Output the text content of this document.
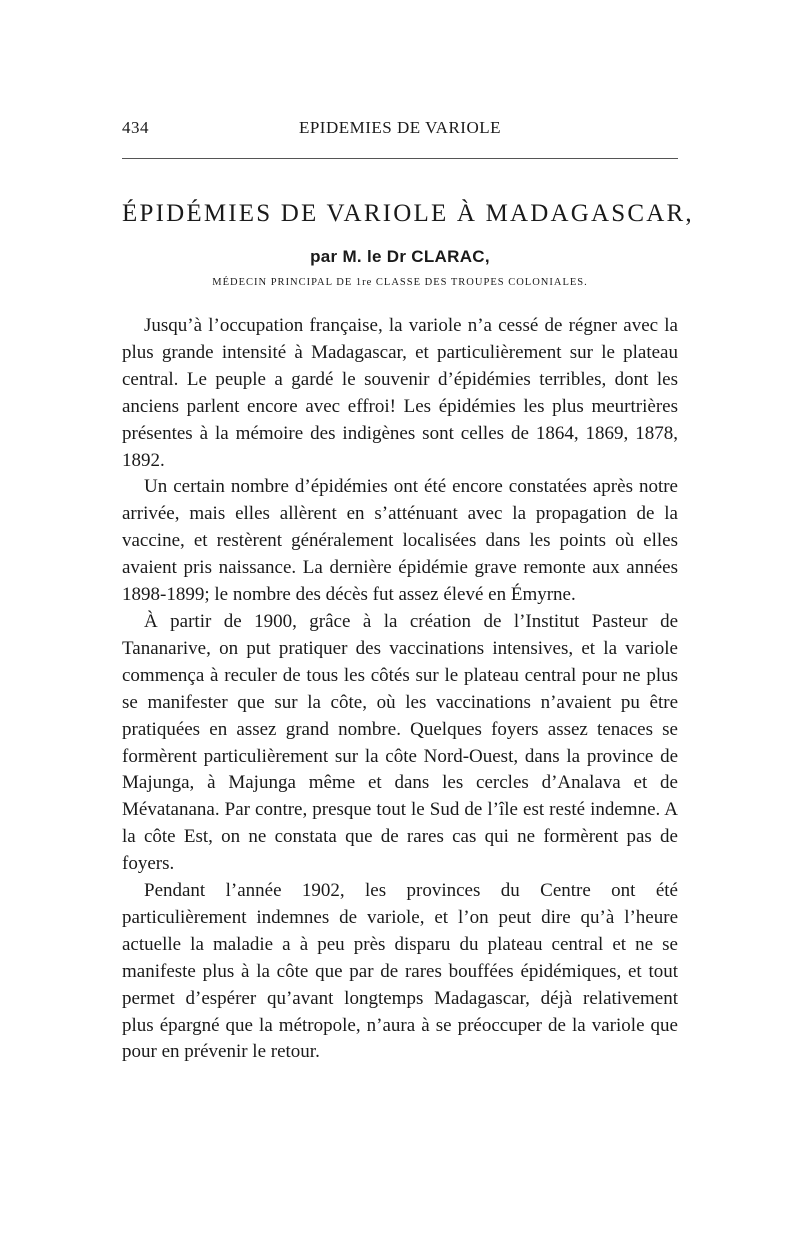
434	EPIDEMIES DE VARIOLE
ÉPIDÉMIES DE VARIOLE À MADAGASCAR,
par M. le Dr CLARAC,
MÉDECIN PRINCIPAL DE 1re CLASSE DES TROUPES COLONIALES.

Jusqu’à l’occupation française, la variole n’a cessé de régner avec la plus grande intensité à Madagascar, et particulièrement sur le plateau central. Le peuple a gardé le souvenir d’épidémies terribles, dont les anciens parlent encore avec effroi! Les épidémies les plus meurtrières présentes à la mémoire des indigènes sont celles de 1864, 1869, 1878, 1892.

Un certain nombre d’épidémies ont été encore constatées après notre arrivée, mais elles allèrent en s’atténuant avec la propagation de la vaccine, et restèrent généralement localisées dans les points où elles avaient pris naissance. La dernière épidémie grave remonte aux années 1898-1899; le nombre des décès fut assez élevé en Émyrne.

À partir de 1900, grâce à la création de l’Institut Pasteur de Tananarive, on put pratiquer des vaccinations intensives, et la variole commença à reculer de tous les côtés sur le plateau central pour ne plus se manifester que sur la côte, où les vaccinations n’avaient pu être pratiquées en assez grand nombre. Quelques foyers assez tenaces se formèrent particulièrement sur la côte Nord-Ouest, dans la province de Majunga, à Majunga même et dans les cercles d’Analava et de Mévatanana. Par contre, presque tout le Sud de l’île est resté indemne. A la côte Est, on ne constata que de rares cas qui ne formèrent pas de foyers.

Pendant l’année 1902, les provinces du Centre ont été particulièrement indemnes de variole, et l’on peut dire qu’à l’heure actuelle la maladie a à peu près disparu du plateau central et ne se manifeste plus à la côte que par de rares bouffées épidémiques, et tout permet d’espérer qu’avant longtemps Madagascar, déjà relativement plus épargné que la métropole, n’aura à se préoccuper de la variole que pour en prévenir le retour.
